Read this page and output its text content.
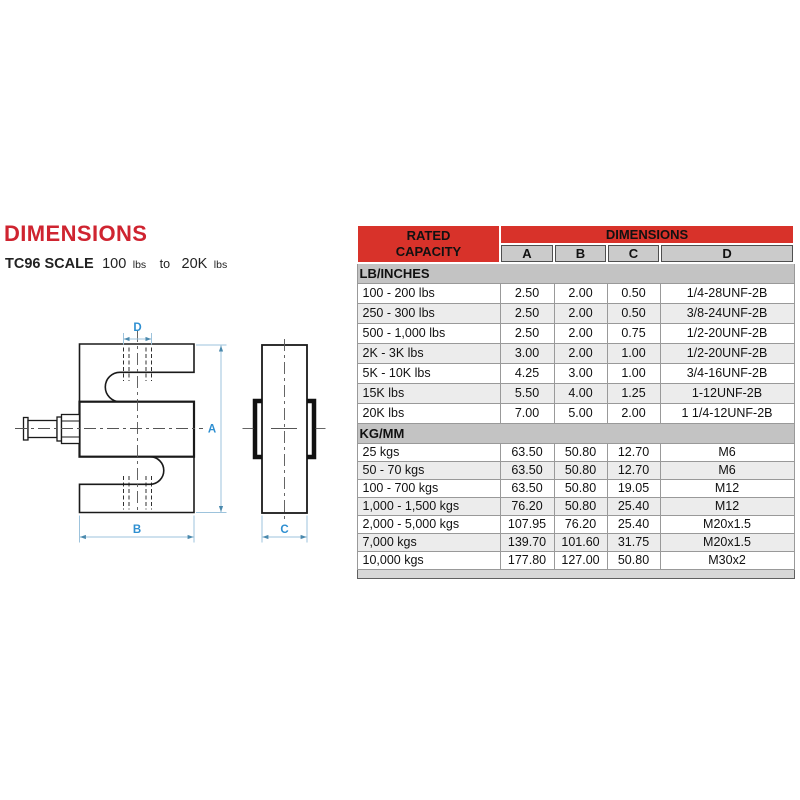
DIMENSIONS
TC96 SCALE 100 lbs to 20K lbs
D
A
B	C
RATED
CAPACITY	DIMENSIONS			
	A	B	C	D
LB/INCHES				
100 - 200 lbs	2.50	2.00	0.50	1/4-28UNF-2B
250 - 300 lbs	2.50	2.00	0.50	3/8-24UNF-2B
500 - 1,000 lbs	2.50	2.00	0.75	1/2-20UNF-2B
2K - 3K lbs	3.00	2.00	1.00	1/2-20UNF-2B
5K - 10K lbs	4.25	3.00	1.00	3/4-16UNF-2B
15K lbs	5.50	4.00	1.25	1-12UNF-2B
20K lbs	7.00	5.00	2.00	1 1/4-12UNF-2B
KG/MM				
25 kgs	63.50	50.80	12.70	M6
50 - 70 kgs	63.50	50.80	12.70	M6
100 - 700 kgs	63.50	50.80	19.05	M12
1,000 - 1,500 kgs	76.20	50.80	25.40	M12
2,000 - 5,000 kgs	107.95	76.20	25.40	M20x1.5
7,000 kgs	139.70	101.60	31.75	M20x1.5
10,000 kgs	177.80	127.00	50.80	M30x2
